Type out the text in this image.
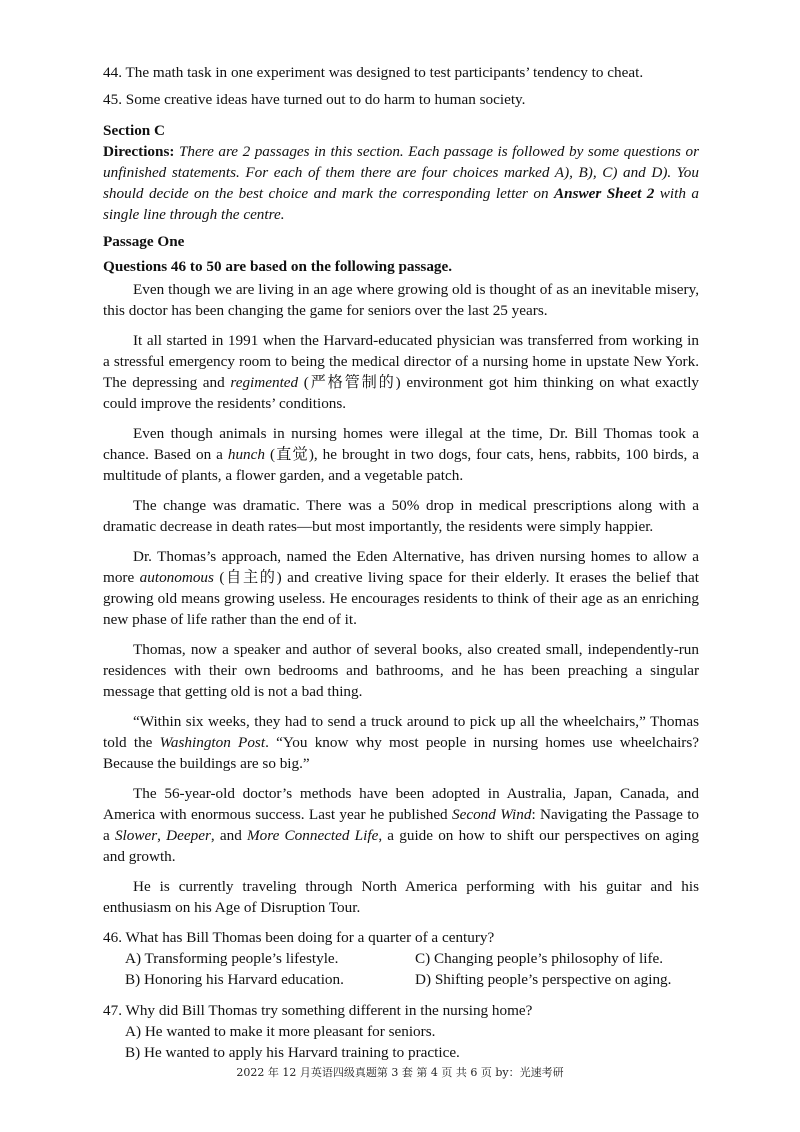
44. The math task in one experiment was designed to test participants’ tendency to cheat.

45. Some creative ideas have turned out to do harm to human society.

Section C

Directions: There are 2 passages in this section. Each passage is followed by some questions or unfinished statements. For each of them there are four choices marked A), B), C) and D). You should decide on the best choice and mark the corresponding letter on Answer Sheet 2 with a single line through the centre.

Passage One

Questions 46 to 50 are based on the following passage.

Even though we are living in an age where growing old is thought of as an inevitable misery, this doctor has been changing the game for seniors over the last 25 years.

It all started in 1991 when the Harvard-educated physician was transferred from working in a stressful emergency room to being the medical director of a nursing home in upstate New York. The depressing and regimented (严格管制的) environment got him thinking on what exactly could improve the residents’ conditions.

Even though animals in nursing homes were illegal at the time, Dr. Bill Thomas took a chance. Based on a hunch (直觉), he brought in two dogs, four cats, hens, rabbits, 100 birds, a multitude of plants, a flower garden, and a vegetable patch.

The change was dramatic. There was a 50% drop in medical prescriptions along with a dramatic decrease in death rates—but most importantly, the residents were simply happier.

Dr. Thomas’s approach, named the Eden Alternative, has driven nursing homes to allow a more autonomous (自主的) and creative living space for their elderly. It erases the belief that growing old means growing useless. He encourages residents to think of their age as an enriching new phase of life rather than the end of it.

Thomas, now a speaker and author of several books, also created small, independently-run residences with their own bedrooms and bathrooms, and he has been preaching a singular message that getting old is not a bad thing.

“Within six weeks, they had to send a truck around to pick up all the wheelchairs,” Thomas told the Washington Post. “You know why most people in nursing homes use wheelchairs? Because the buildings are so big.”

The 56-year-old doctor’s methods have been adopted in Australia, Japan, Canada, and America with enormous success. Last year he published Second Wind: Navigating the Passage to a Slower, Deeper, and More Connected Life, a guide on how to shift our perspectives on aging and growth.

He is currently traveling through North America performing with his guitar and his enthusiasm on his Age of Disruption Tour.

46. What has Bill Thomas been doing for a quarter of a century?

A) Transforming people’s lifestyle.	C) Changing people’s philosophy of life.
B) Honoring his Harvard education.	D) Shifting people’s perspective on aging.

47. Why did Bill Thomas try something different in the nursing home?

A) He wanted to make it more pleasant for seniors.

B) He wanted to apply his Harvard training to practice.

2022 年 12 月英语四级真题第 3 套 第 4 页 共 6 页 by：光速考研
